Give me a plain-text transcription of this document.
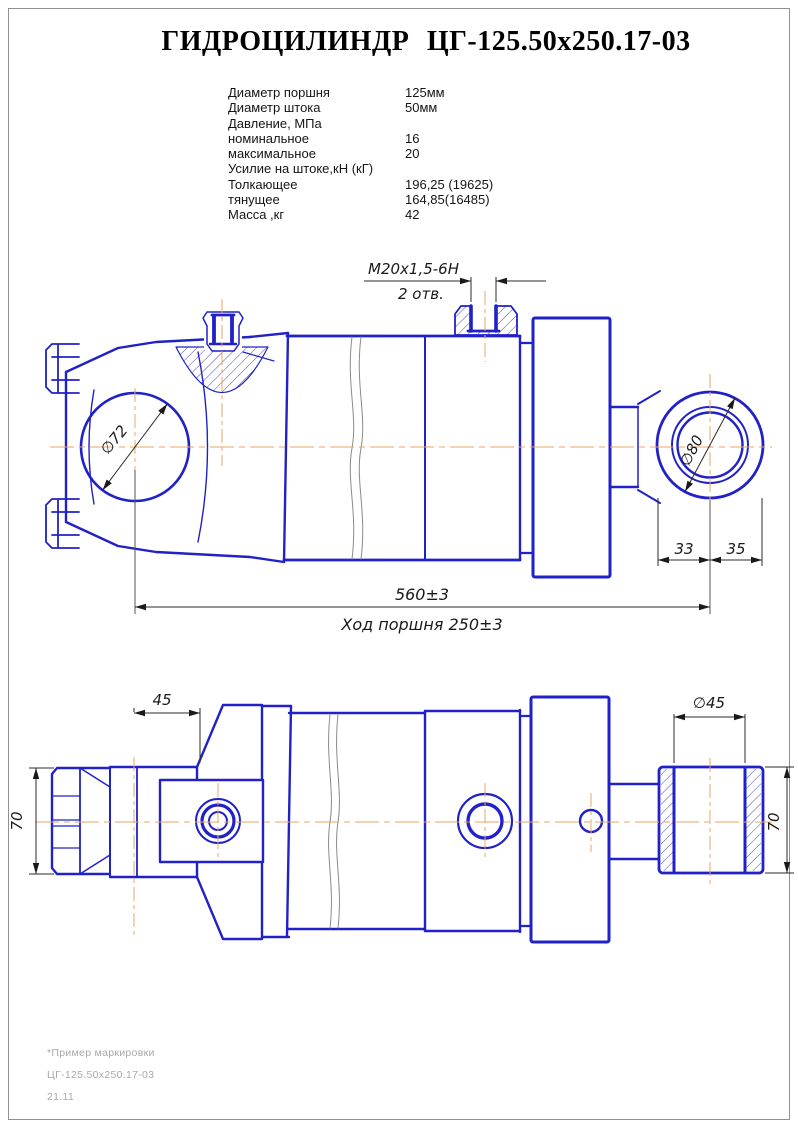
ГИДРОЦИЛИНДР ЦГ-125.50х250.17-03
Диаметр поршня	125мм
Диаметр штока	50мм
Давление, МПа
номинальное	16
максимальное	20
Усилие на штоке,кН (кГ)
Толкающее	196,25 (19625)
тянущее	164,85(16485)
Масса ,кг	42
M20x1,5-6H
2 отв.
∅72	∅80
33 35
560±3
Ход поршня 250±3
45
70
∅45
70
*Пример маркировки
ЦГ-125.50х250.17-03
21.11
